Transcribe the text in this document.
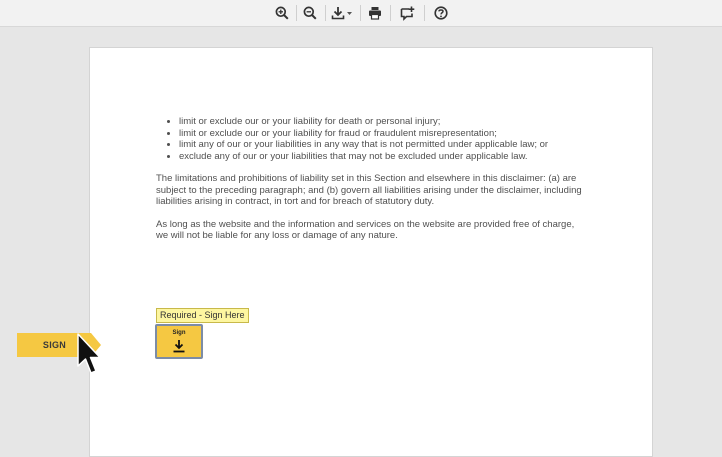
• limit or exclude our or your liability for death or personal injury;
• limit or exclude our or your liability for fraud or fraudulent misrepresentation;
• limit any of our or your liabilities in any way that is not permitted under applicable law; or
• exclude any of our or your liabilities that may not be excluded under applicable law.

The limitations and prohibitions of liability set in this Section and elsewhere in this disclaimer: (a) are subject to the preceding paragraph; and (b) govern all liabilities arising under the disclaimer, including liabilities arising in contract, in tort and for breach of statutory duty.

As long as the website and the information and services on the website are provided free of charge, we will not be liable for any loss or damage of any nature.

Required - Sign Here
Sign
SIGN
